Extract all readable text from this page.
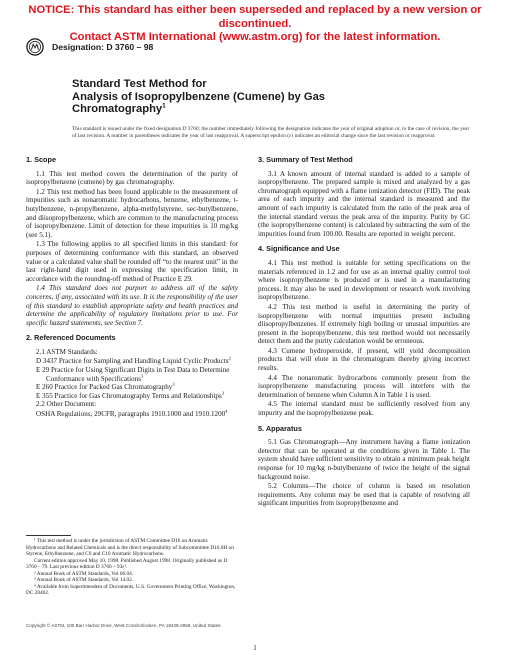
NOTICE: This standard has either been superseded and replaced by a new version or discontinued.
Contact ASTM International (www.astm.org) for the latest information.
Designation: D 3760 – 98
Standard Test Method for
Analysis of Isopropylbenzene (Cumene) by Gas
Chromatography$^1$
This standard is issued under the fixed designation D 3760; the number immediately following the designation indicates the year of original adoption or, in the case of revision, the year of last revision. A number in parentheses indicates the year of last reapproval. A superscript epsilon (ε) indicates an editorial change since the last revision or reapproval.
1. Scope

1.1 This test method covers the determination of the purity of isopropylbenzene (cumene) by gas chromatography.

1.2 This test method has been found applicable to the measurement of impurities such as nonaromatic hydrocarbons, benzene, ethylbenzene, t-butylbenzene, n-propylbenzene, alpha-methylstyrene, sec-butylbenzene, and diisopropylbenzene, which are common to the manufacturing process of isopropylbenzene. Limit of detection for these impurities is 10 mg/kg (see 5.1).

1.3 The following applies to all specified limits in this standard: for purposes of determining conformance with this standard, an observed value or a calculated value shall be rounded off “to the nearest unit” in the last right-hand digit used in expressing the specification limit, in accordance with the rounding-off method of Practice E 29.

1.4 This standard does not purport to address all of the safety concerns, if any, associated with its use. It is the responsibility of the user of this standard to establish appropriate safety and health practices and determine the applicability of regulatory limitations prior to use. For specific hazard statements, see Section 7.

2. Referenced Documents
2.1 ASTM Standards:
D 3437 Practice for Sampling and Handling Liquid Cyclic Products$^2$
E 29 Practice for Using Significant Digits in Test Data to Determine Conformance with Specifications$^3$
E 260 Practice for Packed Gas Chromatography$^3$
E 355 Practice for Gas Chromatography Terms and Relationships$^3$
2.2 Other Document:
OSHA Regulations, 29CFR, paragraphs 1910.1000 and 1910.1200$^4$
¹ This test method is under the jurisdiction of ASTM Committee D16 on Aromatic Hydrocarbons and Related Chemicals and is the direct responsibility of Subcommittee D16.0H on Styrene, Ethylbenzene, and C9 and C10 Aromatic Hydrocarbons.
Current edition approved May 10, 1998. Published August 1998. Originally published as D 3760 – 79. Last previous edition D 3760 – 93ε¹.
² Annual Book of ASTM Standards, Vol 06.04.
³ Annual Book of ASTM Standards, Vol 14.02.
⁴ Available from Superintendent of Documents, U.S. Government Printing Office, Washington, DC 20402.
3. Summary of Test Method

3.1 A known amount of internal standard is added to a sample of isopropylbenzene. The prepared sample is mixed and analyzed by a gas chromatograph equipped with a flame ionization detector (FID). The peak area of each impurity and the internal standard is measured and the amount of each impurity is calculated from the ratio of the peak area of the internal standard versus the peak area of the impurity. Purity by GC (the isopropylbenzene content) is calculated by subtracting the sum of the impurities found from 100.00. Results are reported in weight percent.

4. Significance and Use

4.1 This test method is suitable for setting specifications on the materials referenced in 1.2 and for use as an internal quality control tool where isopropylbenzene is produced or is used in a manufacturing process. It may also be used in development or research work involving isopropylbenzene.

4.2 This test method is useful in determining the purity of isopropylbenzene with normal impurities present including diisopropylbenzenes. If extremely high boiling or unusual impurities are present in the isopropylbenzene, this test method would not necessarily detect them and the purity calculation would be erroneous.

4.3 Cumene hydroperoxide, if present, will yield decomposition products that will elute in the chromatogram thereby giving incorrect results.

4.4 The nonaromatic hydrocarbons commonly present from the isopropylbenzene manufacturing process will interfere with the determination of benzene when Column A in Table 1 is used.

4.5 The internal standard must be sufficiently resolved from any impurity and the isopropylbenzene peak.

5. Apparatus

5.1 Gas Chromatograph—Any instrument having a flame ionization detector that can be operated at the conditions given in Table 1. The system should have sufficient sensitivity to obtain a minimum peak height response for 10 mg/kg n-butylbenzene of twice the height of the signal background noise.

5.2 Columns—The choice of column is based on resolution requirements. Any column may be used that is capable of resolving all significant impurities from isopropylbenzene and

Copyright © ASTM, 100 Barr Harbor Drive, West Conshohocken, PA 19428-2959, United States.
1
